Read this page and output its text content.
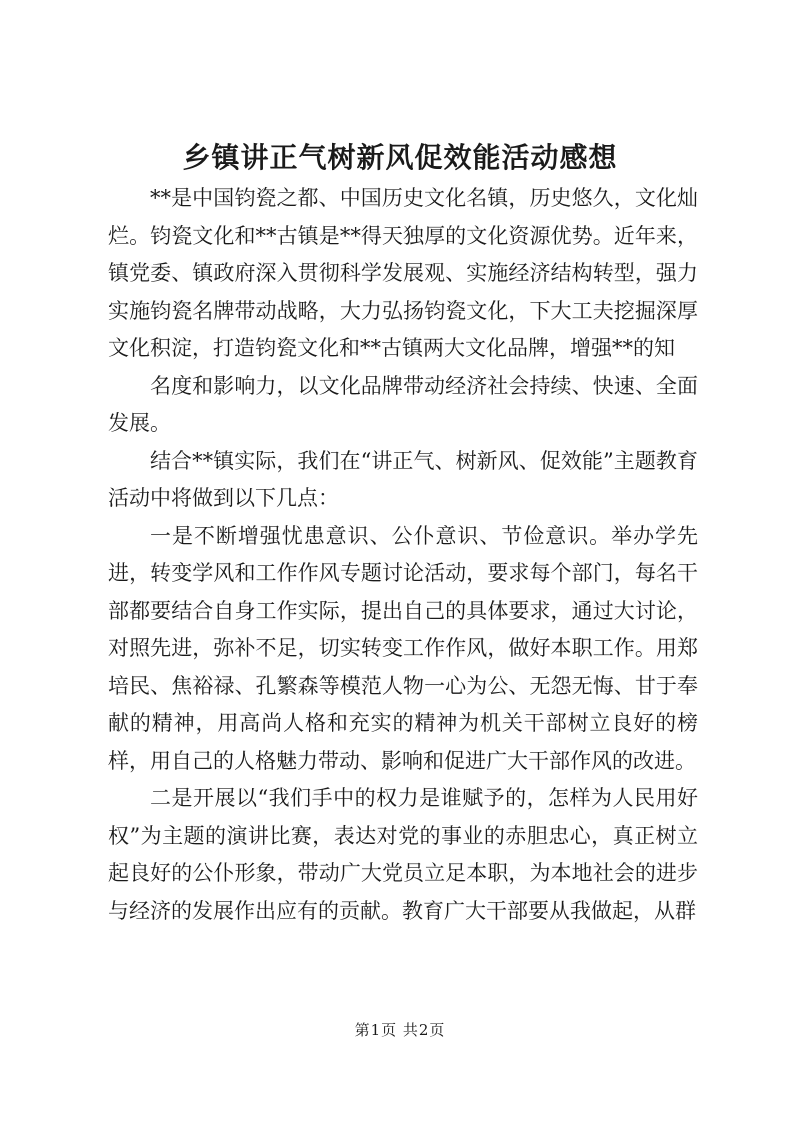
乡镇讲正气树新风促效能活动感想

**是中国钧瓷之都、中国历史文化名镇，历史悠久，文化灿烂。钧瓷文化和**古镇是**得天独厚的文化资源优势。近年来，镇党委、镇政府深入贯彻科学发展观、实施经济结构转型，强力实施钧瓷名牌带动战略，大力弘扬钧瓷文化，下大工夫挖掘深厚文化积淀，打造钧瓷文化和**古镇两大文化品牌，增强**的知

名度和影响力，以文化品牌带动经济社会持续、快速、全面发展。

结合**镇实际，我们在“讲正气、树新风、促效能”主题教育活动中将做到以下几点：

一是不断增强忧患意识、公仆意识、节俭意识。举办学先进，转变学风和工作作风专题讨论活动，要求每个部门，每名干部都要结合自身工作实际，提出自己的具体要求，通过大讨论，对照先进，弥补不足，切实转变工作作风，做好本职工作。用郑培民、焦裕禄、孔繁森等模范人物一心为公、无怨无悔、甘于奉献的精神，用高尚人格和充实的精神为机关干部树立良好的榜样，用自己的人格魅力带动、影响和促进广大干部作风的改进。

二是开展以“我们手中的权力是谁赋予的，怎样为人民用好权”为主题的演讲比赛，表达对党的事业的赤胆忠心，真正树立起良好的公仆形象，带动广大党员立足本职，为本地社会的进步与经济的发展作出应有的贡献。教育广大干部要从我做起，从群

第1页 共2页
